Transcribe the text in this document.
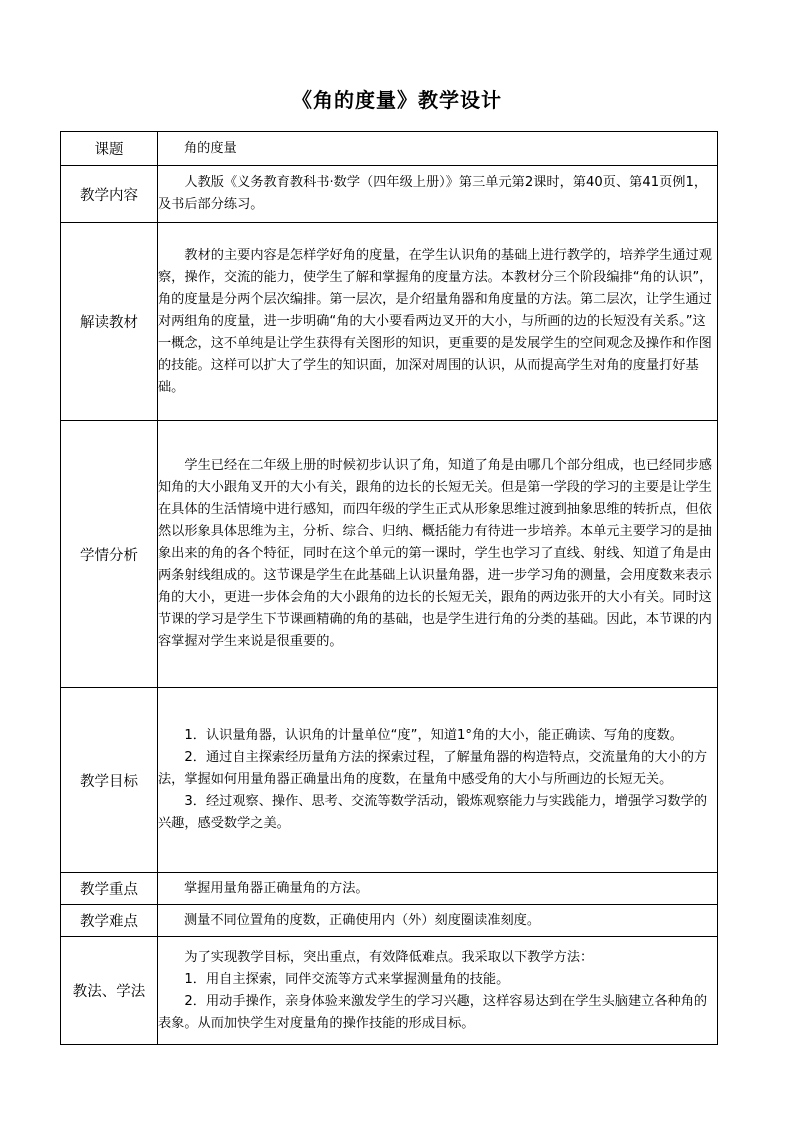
《角的度量》教学设计
课题	角的度量

教学内容	人教版《义务教育教科书·数学（四年级上册）》第三单元第2课时，第40页、第41页例1，及书后部分练习。

解读教材	教材的主要内容是怎样学好角的度量，在学生认识角的基础上进行教学的，培养学生通过观察，操作，交流的能力，使学生了解和掌握角的度量方法。本教材分三个阶段编排“角的认识”，角的度量是分两个层次编排。第一层次，是介绍量角器和角度量的方法。第二层次，让学生通过对两组角的度量，进一步明确“角的大小要看两边叉开的大小，与所画的边的长短没有关系。”这一概念，这不单纯是让学生获得有关图形的知识，更重要的是发展学生的空间观念及操作和作图的技能。这样可以扩大了学生的知识面，加深对周围的认识，从而提高学生对角的度量打好基础。

学情分析	学生已经在二年级上册的时候初步认识了角，知道了角是由哪几个部分组成，也已经同步感知角的大小跟角叉开的大小有关，跟角的边长的长短无关。但是第一学段的学习的主要是让学生在具体的生活情境中进行感知，而四年级的学生正式从形象思维过渡到抽象思维的转折点，但依然以形象具体思维为主，分析、综合、归纳、概括能力有待进一步培养。本单元主要学习的是抽象出来的角的各个特征，同时在这个单元的第一课时，学生也学习了直线、射线、知道了角是由两条射线组成的。这节课是学生在此基础上认识量角器，进一步学习角的测量，会用度数来表示角的大小，更进一步体会角的大小跟角的边长的长短无关，跟角的两边张开的大小有关。同时这节课的学习是学生下节课画精确的角的基础，也是学生进行角的分类的基础。因此，本节课的内容掌握对学生来说是很重要的。

教学目标	1．认识量角器，认识角的计量单位“度”，知道1°角的大小，能正确读、写角的度数。

2．通过自主探索经历量角方法的探索过程，了解量角器的构造特点，交流量角的大小的方法，掌握如何用量角器正确量出角的度数，在量角中感受角的大小与所画边的长短无关。

3．经过观察、操作、思考、交流等数学活动，锻炼观察能力与实践能力，增强学习数学的兴趣，感受数学之美。

教学重点	掌握用量角器正确量角的方法。

教学难点	测量不同位置角的度数，正确使用内（外）刻度圈读准刻度。

教法、学法	为了实现教学目标，突出重点，有效降低难点。我采取以下教学方法：

1．用自主探索，同伴交流等方式来掌握测量角的技能。

2．用动手操作，亲身体验来激发学生的学习兴趣，这样容易达到在学生头脑建立各种角的表象。从而加快学生对度量角的操作技能的形成目标。
